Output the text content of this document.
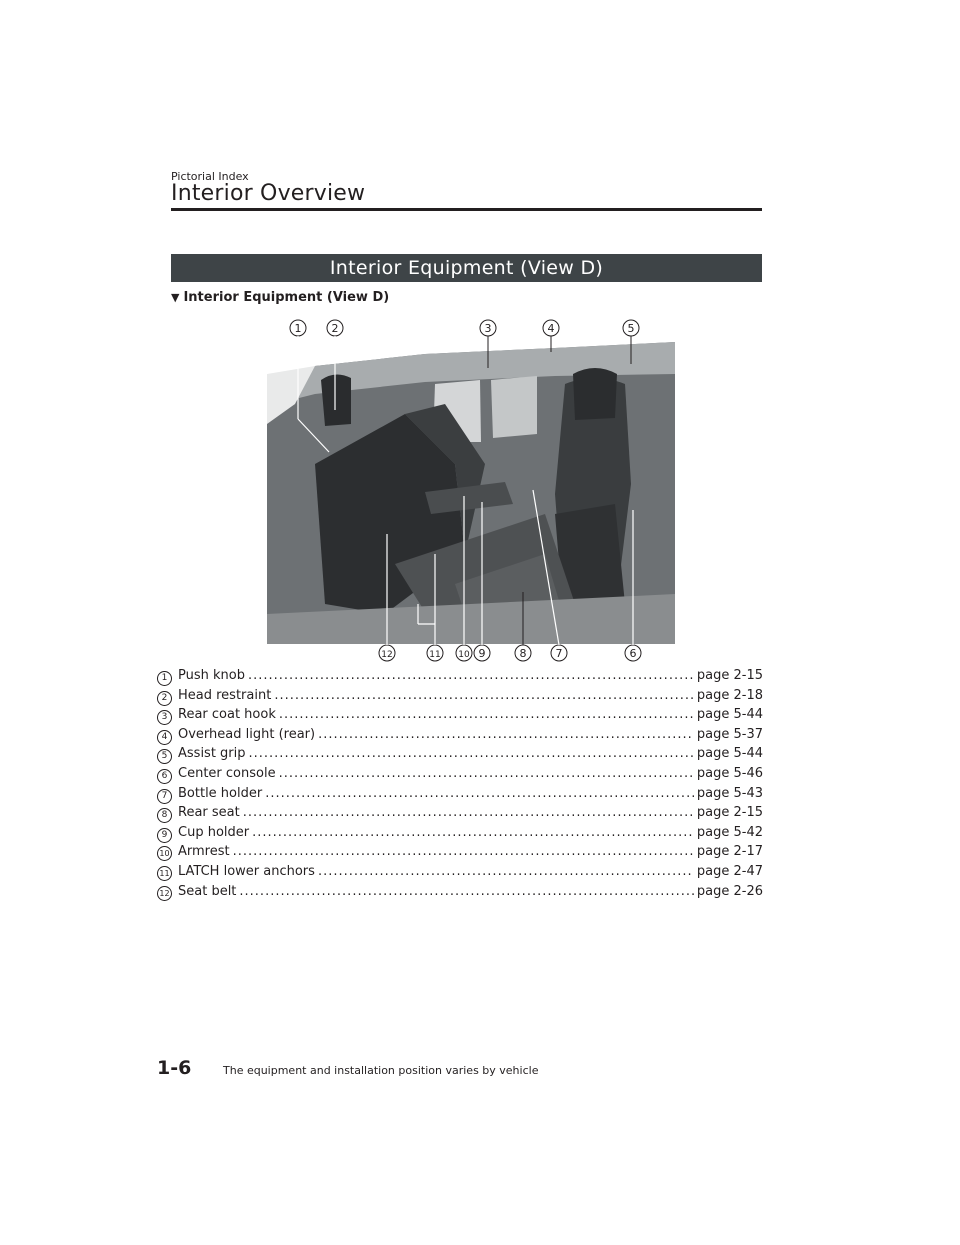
Pictorial Index
Interior Overview
Interior Equipment (View D)
▼ Interior Equipment (View D)
1	2	3	4	5
12	11 10 9	8	7	6
1 Push knob .....	page 2-15
2 Head restraint .....	page 2-18
3 Rear coat hook .....	page 5-44
4 Overhead light (rear) .....	page 5-37
5 Assist grip .....	page 5-44
6 Center console .....	page 5-46
7 Bottle holder .....	page 5-43
8 Rear seat .....	page 2-15
9 Cup holder .....	page 5-42
10 Armrest .....	page 2-17
11 LATCH lower anchors .....	page 2-47
12 Seat belt .....	page 2-26
1-6	The equipment and installation position varies by vehicle
